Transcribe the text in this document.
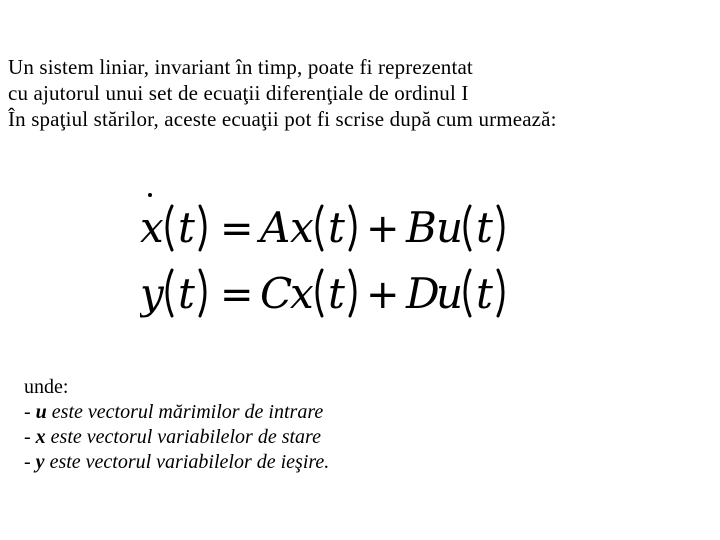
Un sistem liniar, invariant în timp, poate fi reprezentat
cu ajutorul unui set de ecuaţii diferenţiale de ordinul I
În spaţiul stărilor, aceste ecuaţii pot fi scrise după cum urmează:
x t = A x t + B u t
y t = C
x t + D
u t
unde:
- u este vectorul mărimilor de intrare
- x este vectorul variabilelor de stare
- y este vectorul variabilelor de ieşire.
